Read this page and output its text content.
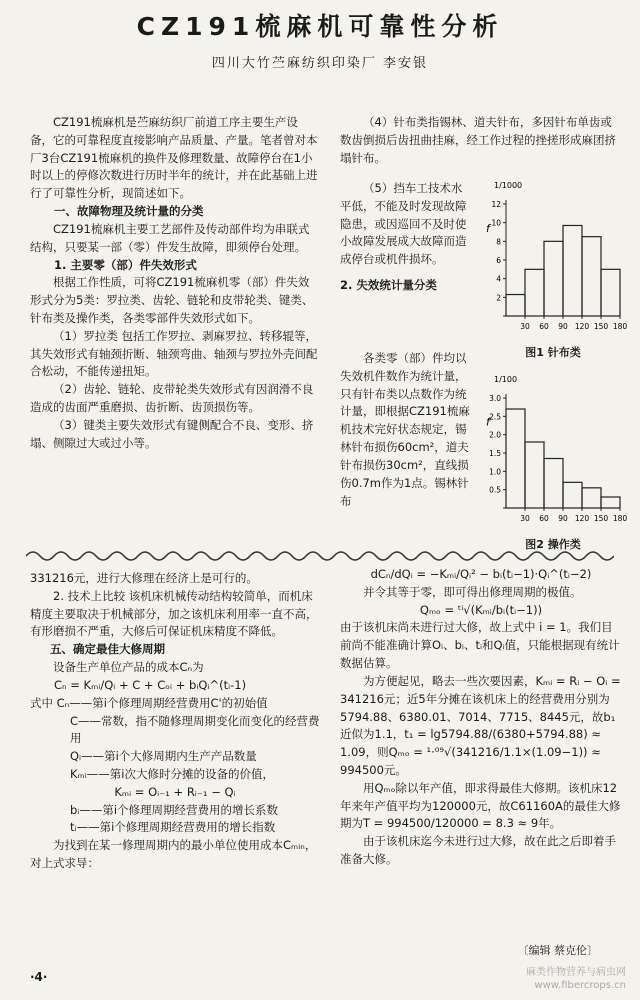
CZ191梳麻机可靠性分析
四川大竹苎麻纺织印染厂 李安银

CZ191梳麻机是苎麻纺织厂前道工序主要生产设备，它的可靠程度直接影响产品质量、产量。笔者曾对本厂3台CZ191梳麻机的换件及修理数量、故障停台在1小时以上的停修次数进行历时半年的统计，并在此基础上进行了可靠性分析，现简述如下。

一、故障物理及统计量的分类

CZ191梳麻机主要工艺部件及传动部件均为串联式结构，只要某一部（零）件发生故障，即须停台处理。

1. 主要零（部）件失效形式

根据工作性质，可将CZ191梳麻机零（部）件失效形式分为5类：罗拉类、齿轮、链轮和皮带轮类、键类、针布类及操作类，各类零部件失效形式如下。

（1）罗拉类 包括工作罗拉、剥麻罗拉、转移辊等，其失效形式有轴颈折断、轴颈弯曲、轴颈与罗拉外壳间配合松动，不能传递扭矩。

（2）齿轮、链轮、皮带轮类失效形式有因润滑不良造成的齿面严重磨损、齿折断、齿顶损伤等。

（3）键类主要失效形式有键侧配合不良、变形、挤塌、侧隙过大或过小等。

（4）针布类指锡林、道夫针布，多因针布单齿或数齿倒损后齿扭曲挂麻，经工作过程的挫搓形成麻团挤塌针布。

（5）挡车工技术水平低，不能及时发现故障隐患，或因巡回不及时使小故障发展成大故障而造成停台或机件损坏。

2. 失效统计量分类

各类零（部）件均以失效机件数作为统计量，只有针布类以点数作为统计量，即根据CZ191梳麻机技术完好状态规定，锡林针布损伤60cm²，道夫针布损伤30cm²，直线损伤0.7m作为1点。锡林针布

1/1000
f
2
4
6
8
10
12
30 60 90 120 150 180
图1 针布类
1/100
f
0.5
1.0
1.5
2.0
2.5
3.0
30 60 90 120 150 180
图2 操作类

331216元，进行大修理在经济上是可行的。

2. 技术上比较 该机床机械传动结构较简单，而机床精度主要取决于机械部分，加之该机床利用率一直不高，有形磨损不严重，大修后可保证机床精度不降低。

五、确定最佳大修周期

设备生产单位产品的成本Cₙ为

Cₙ = Kₘᵢ/Qᵢ + C + Cₒᵢ + bᵢQᵢ^(tᵢ-1)

式中 Cₙ——第i个修理周期经营费用C'的初始值

C——常数，指不随修理周期变化而变化的经营费用

Qᵢ——第i个大修周期内生产产品数量

Kₘᵢ——第i次大修时分摊的设备的价值，

Kₘᵢ = Oᵢ₋₁ + Rᵢ₋₁ − Qᵢ

bᵢ——第i个修理周期经营费用的增长系数

tᵢ——第i个修理周期经营费用的增长指数

为找到在某一修理周期内的最小单位使用成本Cₘᵢₙ，对上式求导：

dCₙ/dQᵢ = −Kₘᵢ/Qᵢ² − bᵢ(tᵢ−1)·Qᵢ^(tᵢ−2)

并令其等于零，即可得出修理周期的极值。

Qₘₒ = ᵗⁱ√(Kₘᵢ/bᵢ(tᵢ−1))

由于该机床尚未进行过大修，故上式中 i = 1。我们目前尚不能准确计算Oᵢ、bᵢ、tᵢ和Qᵢ值，只能根据现有统计数据估算。

为方便起见，略去一些次要因素，Kₘᵢ = Rᵢ − Oᵢ = 341216元；近5年分摊在该机床上的经营费用分别为5794.88、6380.01、7014、7715、8445元，故b₁近似为1.1，t₁ = lg5794.88/(6380+5794.88) ≈ 1.09，则Qₘₒ = ¹·⁰⁹√(341216/1.1×(1.09−1)) ≈ 994500元。

用Qₘₒ除以年产值，即求得最佳大修期。该机床12年来年产值平均为120000元，故C61160A的最佳大修期为T = 994500/120000 = 8.3 ≈ 9年。

由于该机床迄今未进行过大修，故在此之后即着手准备大修。

〔编辑 蔡克伦〕
·4·	麻类作物营养与病虫网
www.fibercrops.cn
